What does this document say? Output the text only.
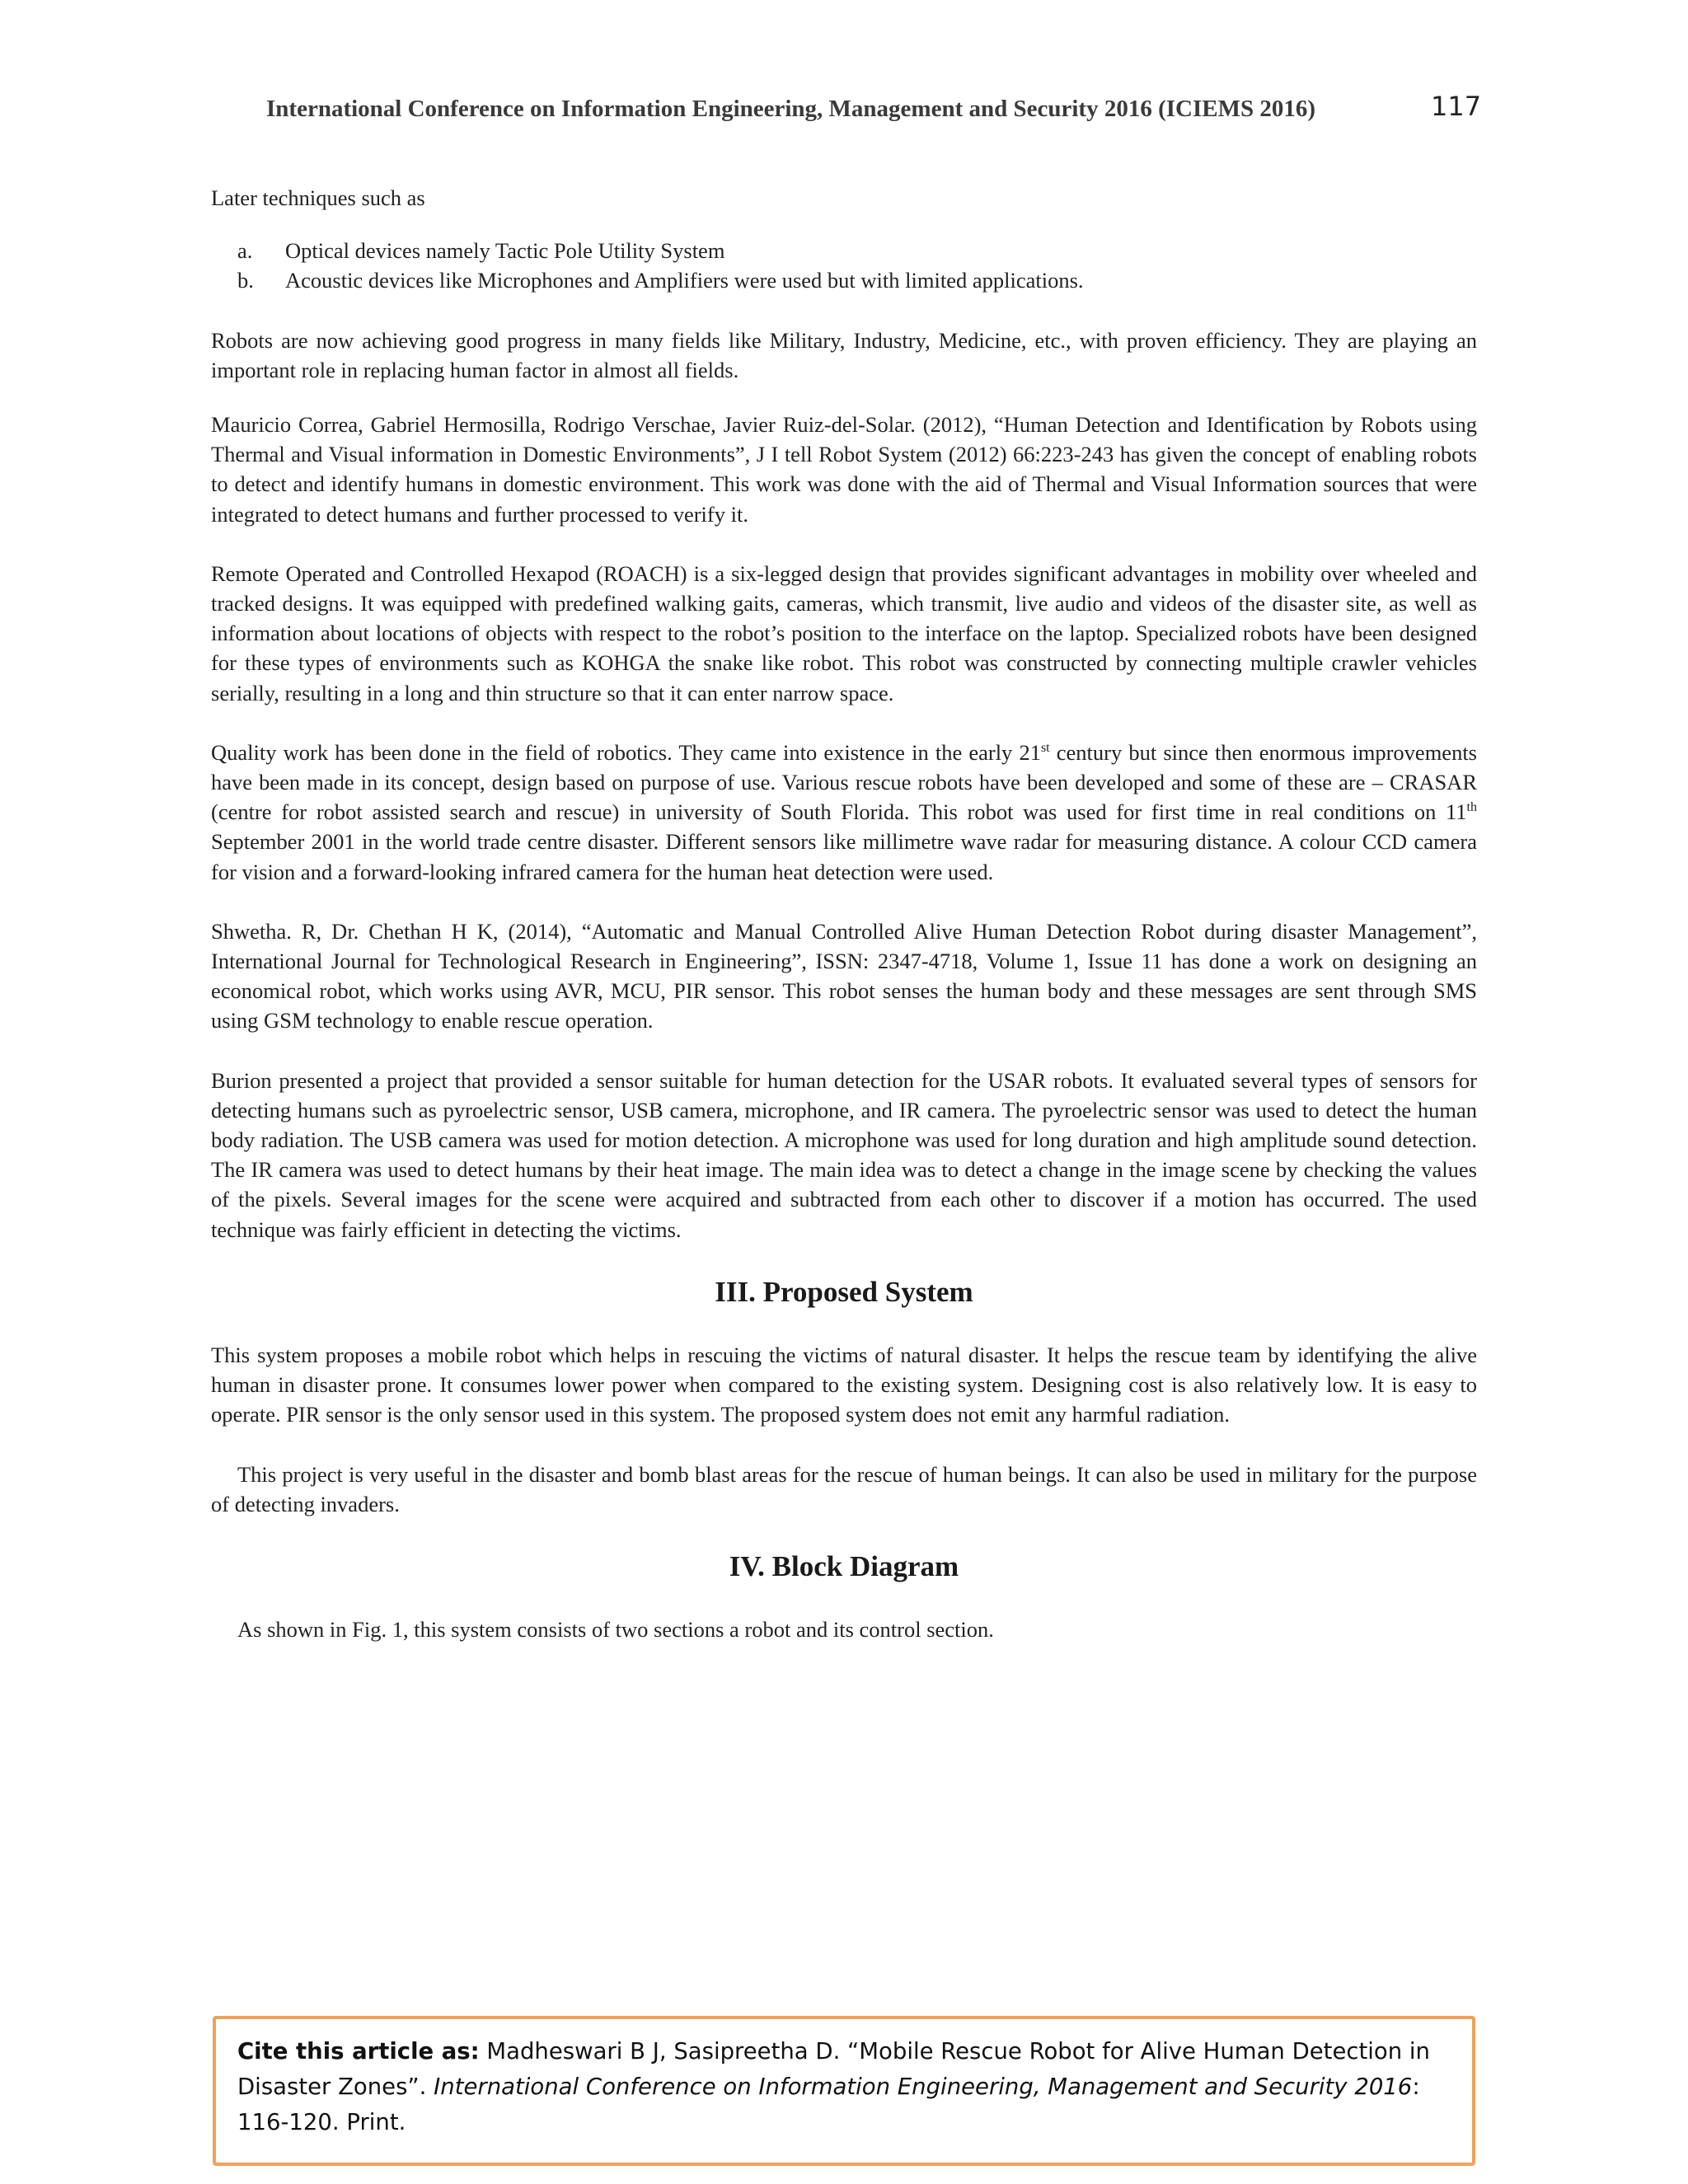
International Conference on Information Engineering, Management and Security 2016 (ICIEMS 2016)	117

Later techniques such as

a.	Optical devices namely Tactic Pole Utility System
b.	Acoustic devices like Microphones and Amplifiers were used but with limited applications.

Robots are now achieving good progress in many fields like Military, Industry, Medicine, etc., with proven efficiency. They are playing an important role in replacing human factor in almost all fields.

Mauricio Correa, Gabriel Hermosilla, Rodrigo Verschae, Javier Ruiz-del-Solar. (2012), “Human Detection and Identification by Robots using Thermal and Visual information in Domestic Environments”, J I tell Robot System (2012) 66:223-243 has given the concept of enabling robots to detect and identify humans in domestic environment. This work was done with the aid of Thermal and Visual Information sources that were integrated to detect humans and further processed to verify it.

Remote Operated and Controlled Hexapod (ROACH) is a six-legged design that provides significant advantages in mobility over wheeled and tracked designs. It was equipped with predefined walking gaits, cameras, which transmit, live audio and videos of the disaster site, as well as information about locations of objects with respect to the robot’s position to the interface on the laptop. Specialized robots have been designed for these types of environments such as KOHGA the snake like robot. This robot was constructed by connecting multiple crawler vehicles serially, resulting in a long and thin structure so that it can enter narrow space.

Quality work has been done in the field of robotics. They came into existence in the early 21st century but since then enormous improvements have been made in its concept, design based on purpose of use. Various rescue robots have been developed and some of these are – CRASAR (centre for robot assisted search and rescue) in university of South Florida. This robot was used for first time in real conditions on 11th September 2001 in the world trade centre disaster. Different sensors like millimetre wave radar for measuring distance. A colour CCD camera for vision and a forward-looking infrared camera for the human heat detection were used.

Shwetha. R, Dr. Chethan H K, (2014), “Automatic and Manual Controlled Alive Human Detection Robot during disaster Management”, International Journal for Technological Research in Engineering”, ISSN: 2347-4718, Volume 1, Issue 11 has done a work on designing an economical robot, which works using AVR, MCU, PIR sensor. This robot senses the human body and these messages are sent through SMS using GSM technology to enable rescue operation.

Burion presented a project that provided a sensor suitable for human detection for the USAR robots. It evaluated several types of sensors for detecting humans such as pyroelectric sensor, USB camera, microphone, and IR camera. The pyroelectric sensor was used to detect the human body radiation. The USB camera was used for motion detection. A microphone was used for long duration and high amplitude sound detection. The IR camera was used to detect humans by their heat image. The main idea was to detect a change in the image scene by checking the values of the pixels. Several images for the scene were acquired and subtracted from each other to discover if a motion has occurred. The used technique was fairly efficient in detecting the victims.

III. Proposed System

This system proposes a mobile robot which helps in rescuing the victims of natural disaster. It helps the rescue team by identifying the alive human in disaster prone. It consumes lower power when compared to the existing system. Designing cost is also relatively low. It is easy to operate. PIR sensor is the only sensor used in this system. The proposed system does not emit any harmful radiation.

This project is very useful in the disaster and bomb blast areas for the rescue of human beings. It can also be used in military for the purpose of detecting invaders.

IV. Block Diagram

As shown in Fig. 1, this system consists of two sections a robot and its control section.

Cite this article as: Madheswari B J, Sasipreetha D. “Mobile Rescue Robot for Alive Human Detection in Disaster Zones”. International Conference on Information Engineering, Management and Security 2016: 116-120. Print.
